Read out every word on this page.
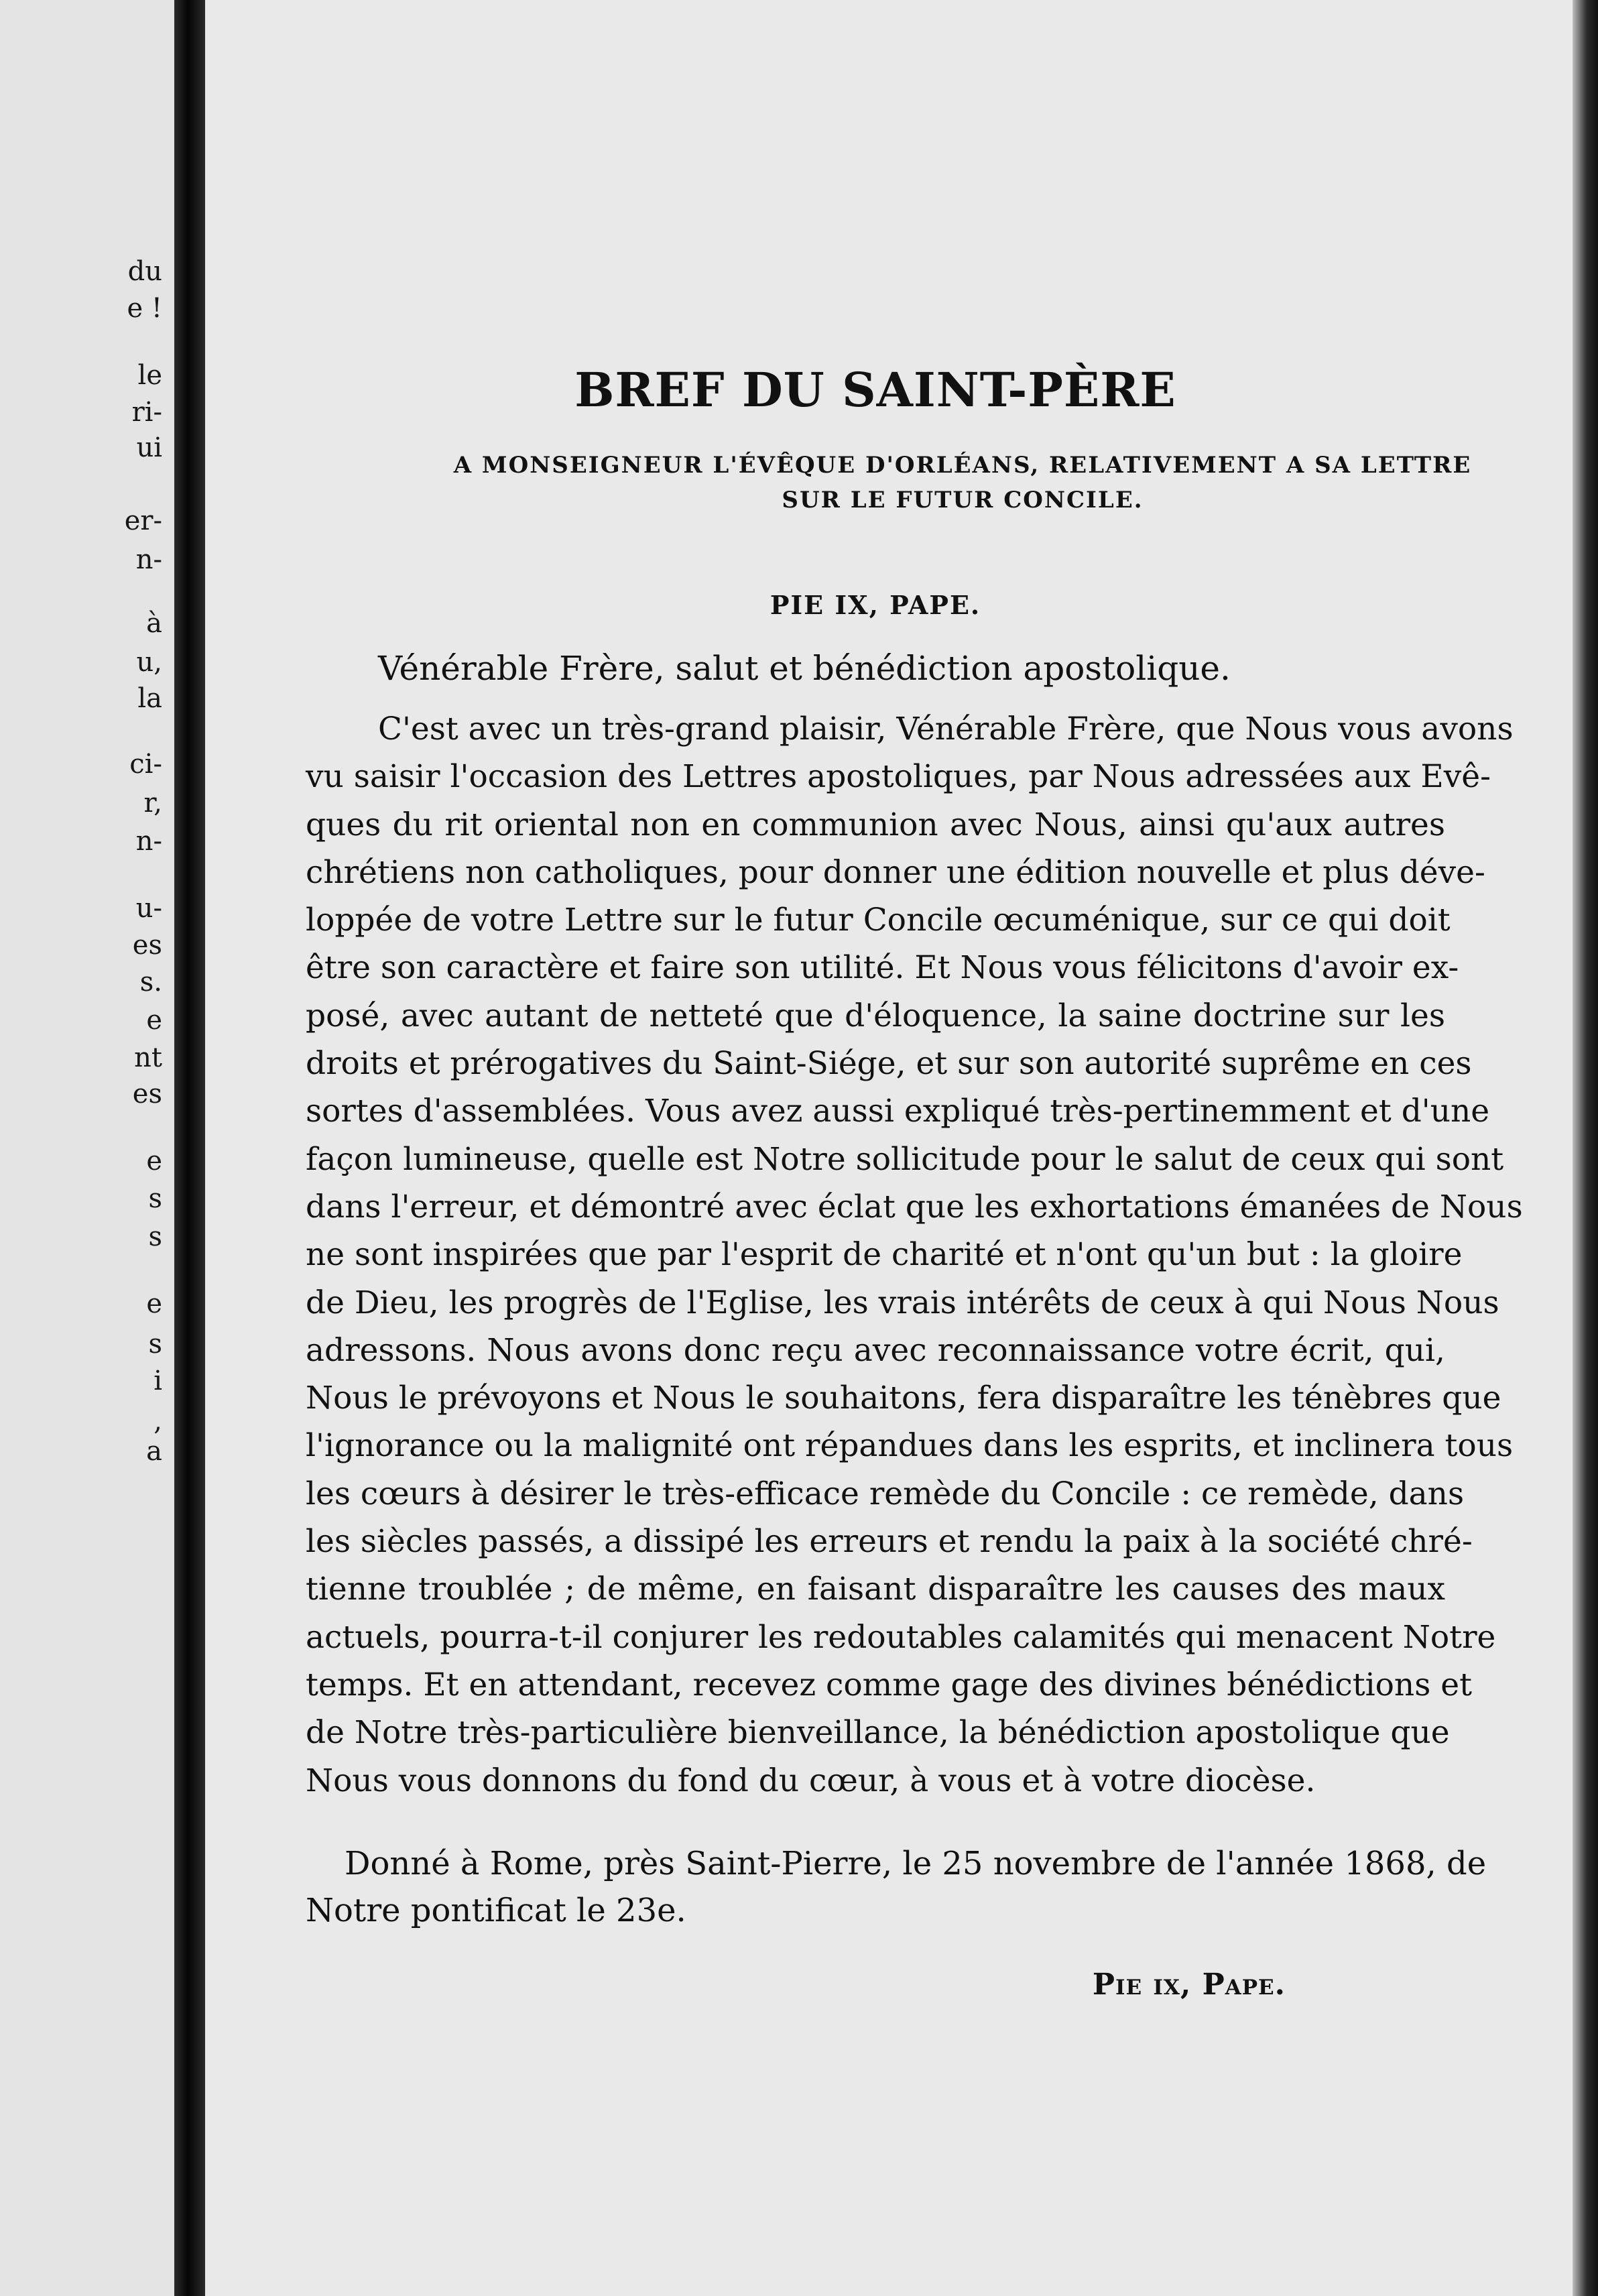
du
e !
le
ri-
ui
er-
n-
à
u,
la
ci-
r,
n-
u-
es
s.
e
nt
es
e
s
s
e
s
i
,
a
BREF DU SAINT-PÈRE
A MONSEIGNEUR L'ÉVÊQUE D'ORLÉANS, RELATIVEMENT A SA LETTRE
SUR LE FUTUR CONCILE.
PIE IX, PAPE.
Vénérable Frère, salut et bénédiction apostolique.
C'est avec un très-grand plaisir, Vénérable Frère, que Nous vous avons
vu saisir l'occasion des Lettres apostoliques, par Nous adressées aux Evê-
ques du rit oriental non en communion avec Nous, ainsi qu'aux autres
chrétiens non catholiques, pour donner une édition nouvelle et plus déve-
loppée de votre Lettre sur le futur Concile œcuménique, sur ce qui doit
être son caractère et faire son utilité. Et Nous vous félicitons d'avoir ex-
posé, avec autant de netteté que d'éloquence, la saine doctrine sur les
droits et prérogatives du Saint-Siége, et sur son autorité suprême en ces
sortes d'assemblées. Vous avez aussi expliqué très-pertinemment et d'une
façon lumineuse, quelle est Notre sollicitude pour le salut de ceux qui sont
dans l'erreur, et démontré avec éclat que les exhortations émanées de Nous
ne sont inspirées que par l'esprit de charité et n'ont qu'un but : la gloire
de Dieu, les progrès de l'Eglise, les vrais intérêts de ceux à qui Nous Nous
adressons. Nous avons donc reçu avec reconnaissance votre écrit, qui,
Nous le prévoyons et Nous le souhaitons, fera disparaître les ténèbres que
l'ignorance ou la malignité ont répandues dans les esprits, et inclinera tous
les cœurs à désirer le très-efficace remède du Concile : ce remède, dans
les siècles passés, a dissipé les erreurs et rendu la paix à la société chré-
tienne troublée ; de même, en faisant disparaître les causes des maux
actuels, pourra-t-il conjurer les redoutables calamités qui menacent Notre
temps. Et en attendant, recevez comme gage des divines bénédictions et
de Notre très-particulière bienveillance, la bénédiction apostolique que
Nous vous donnons du fond du cœur, à vous et à votre diocèse.
Donné à Rome, près Saint-Pierre, le 25 novembre de l'année 1868, de
Notre pontificat le 23e.
Pie ix, Pape.
